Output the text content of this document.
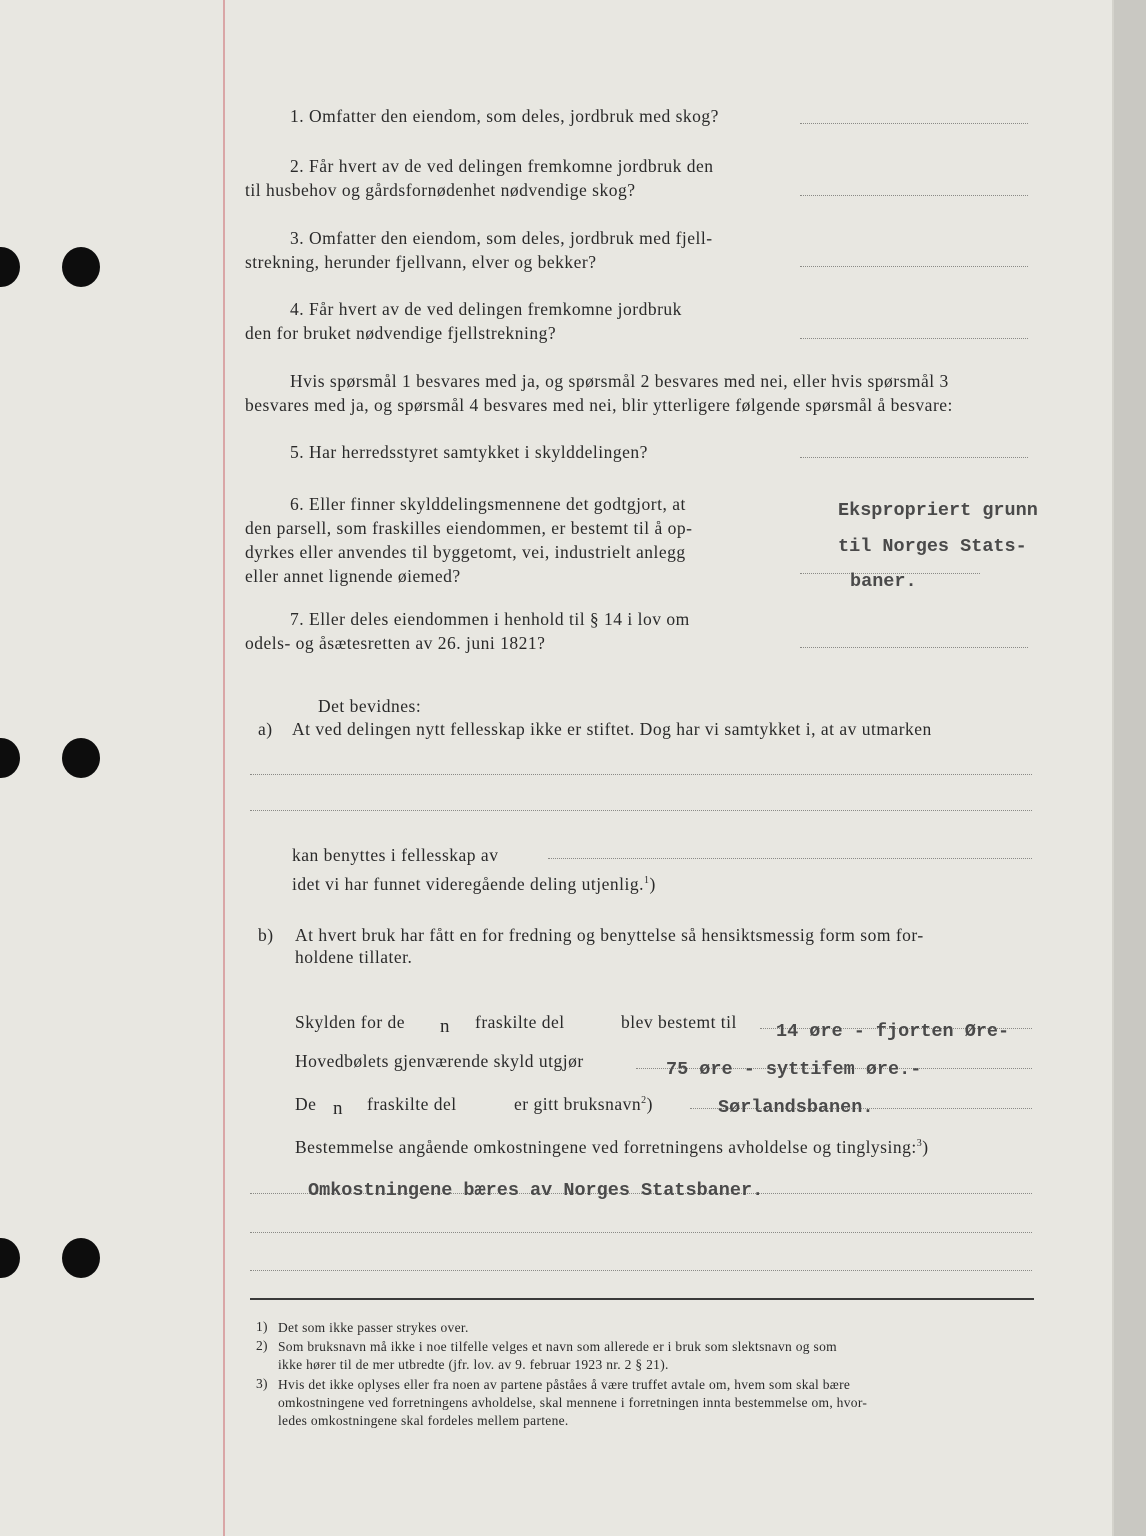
1. Omfatter den eiendom, som deles, jordbruk med skog?
2. Får hvert av de ved delingen fremkomne jordbruk den
til husbehov og gårdsfornødenhet nødvendige skog?
3. Omfatter den eiendom, som deles, jordbruk med fjell-
strekning, herunder fjellvann, elver og bekker?
4. Får hvert av de ved delingen fremkomne jordbruk
den for bruket nødvendige fjellstrekning?
Hvis spørsmål 1 besvares med ja, og spørsmål 2 besvares med nei, eller hvis spørsmål 3
besvares med ja, og spørsmål 4 besvares med nei, blir ytterligere følgende spørsmål å besvare:
5. Har herredsstyret samtykket i skylddelingen?
6. Eller finner skylddelingsmennene det godtgjort, at
den parsell, som fraskilles eiendommen, er bestemt til å op-
dyrkes eller anvendes til byggetomt, vei, industrielt anlegg
eller annet lignende øiemed?
Ekspropriert grunn
til Norges Stats-
baner.
7. Eller deles eiendommen i henhold til § 14 i lov om
odels- og åsætesretten av 26. juni 1821?
Det bevidnes:
a) At ved delingen nytt fellesskap ikke er stiftet. Dog har vi samtykket i, at av utmarken
kan benyttes i fellesskap av
idet vi har funnet videregående deling utjenlig.$^1$)
b) At hvert bruk har fått en for fredning og benyttelse så hensiktsmessig form som for-
holdene tillater.
Skylden for de n fraskilte del	blev bestemt til 14 øre - fjorten Øre-
Hovedbølets gjenværende skyld utgjør	75 øre - syttifem øre.-
De n fraskilte del	er gitt bruksnavn$^2$)	Sørlandsbanen.
Bestemmelse angående omkostningene ved forretningens avholdelse og tinglysing:$^3$)
Omkostningene bæres av Norges Statsbaner.
1) Det som ikke passer strykes over.
2) Som bruksnavn må ikke i noe tilfelle velges et navn som allerede er i bruk som slektsnavn og som
ikke hører til de mer utbredte (jfr. lov. av 9. februar 1923 nr. 2 § 21).
3) Hvis det ikke oplyses eller fra noen av partene påståes å være truffet avtale om, hvem som skal bære
omkostningene ved forretningens avholdelse, skal mennene i forretningen innta bestemmelse om, hvor-
ledes omkostningene skal fordeles mellem partene.
